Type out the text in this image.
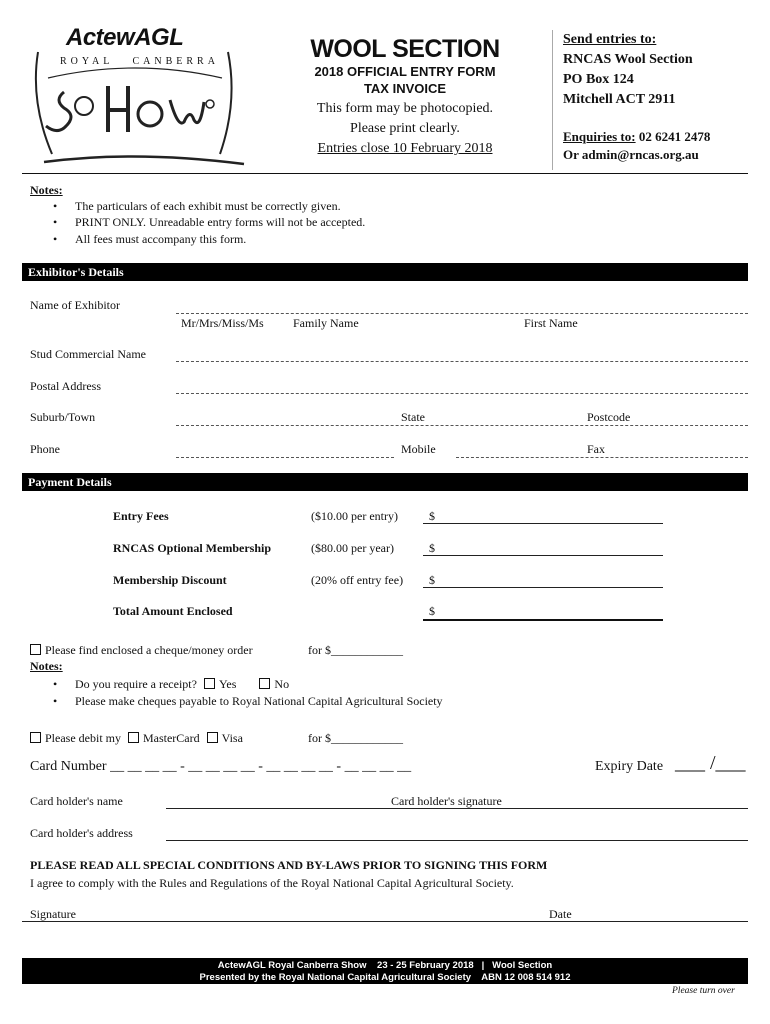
ActewAGL
ROYAL   CANBERRA	WOOL SECTION
2018 OFFICIAL ENTRY FORM
TAX INVOICE
This form may be photocopied.
Please print clearly.
Entries close 10 February 2018
Send entries to:
RNCAS Wool Section
PO Box 124
Mitchell ACT 2911
Enquiries to: 02 6241 2478
Or admin@rncas.org.au
Notes:
• The particulars of each exhibit must be correctly given.
• PRINT ONLY. Unreadable entry forms will not be accepted.
• All fees must accompany this form.
Exhibitor's Details
Name of Exhibitor
Mr/Mrs/Miss/Ms Family Name	First Name
Stud Commercial Name
Postal Address
Suburb/Town	State	Postcode
Phone	Mobile	Fax
Payment Details
Entry Fees	($10.00 per entry)	$
RNCAS Optional Membership	($80.00 per year)	$
Membership Discount	(20% off entry fee) $
Total Amount Enclosed	$
Please find enclosed a cheque/money order	for $____________
Notes:
• Do you require a receipt? Yes	No
• Please make cheques payable to Royal National Capital Agricultural Society
Please debit my MasterCard Visa	for $____________
Card Number __ __ __ __ - __ __ __ __ - __ __ __ __ - __ __ __ __	Expiry Date ___ /___
Card holder's name	Card holder's signature
Card holder's address
PLEASE READ ALL SPECIAL CONDITIONS AND BY-LAWS PRIOR TO SIGNING THIS FORM
I agree to comply with the Rules and Regulations of the Royal National Capital Agricultural Society.
Signature	Date
ActewAGL Royal Canberra Show    23 - 25 February 2018   |   Wool Section
Presented by the Royal National Capital Agricultural Society    ABN 12 008 514 912
Please turn over
